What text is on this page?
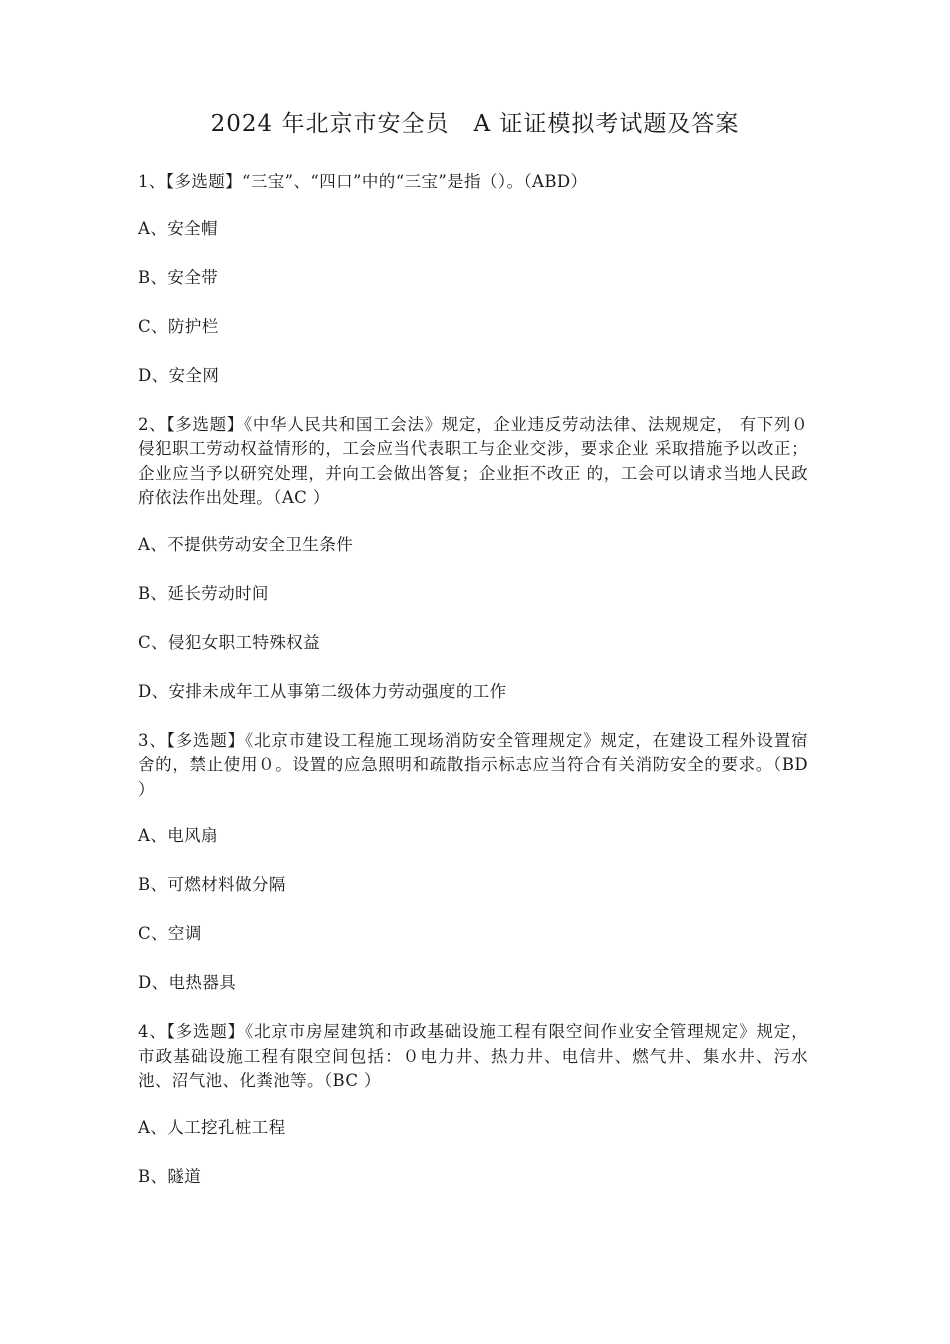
2024 年北京市安全员　A 证证模拟考试题及答案

1、【多选题】“三宝”、“四口”中的“三宝”是指（）。（ABD）

A、安全帽

B、安全带

C、防护栏

D、安全网

2、【多选题】《中华人民共和国工会法》规定，企业违反劳动法律、法规规定， 有下列０侵犯职工劳动权益情形的，工会应当代表职工与企业交涉，要求企业 采取措施予以改正；企业应当予以研究处理，并向工会做出答复；企业拒不改正 的，工会可以请求当地人民政府依法作出处理。（AC ）

A、不提供劳动安全卫生条件

B、延长劳动时间

C、侵犯女职工特殊权益

D、安排未成年工从事第二级体力劳动强度的工作

3、【多选题】《北京市建设工程施工现场消防安全管理规定》规定，在建设工程外设置宿舍的，禁止使用０。设置的应急照明和疏散指示标志应当符合有关消防安全的要求。（BD ）

A、电风扇

B、可燃材料做分隔

C、空调

D、电热器具

4、【多选题】《北京市房屋建筑和市政基础设施工程有限空间作业安全管理规定》规定，市政基础设施工程有限空间包括：０电力井、热力井、电信井、燃气井、集水井、污水池、沼气池、化粪池等。（BC ）

A、人工挖孔桩工程

B、隧道
